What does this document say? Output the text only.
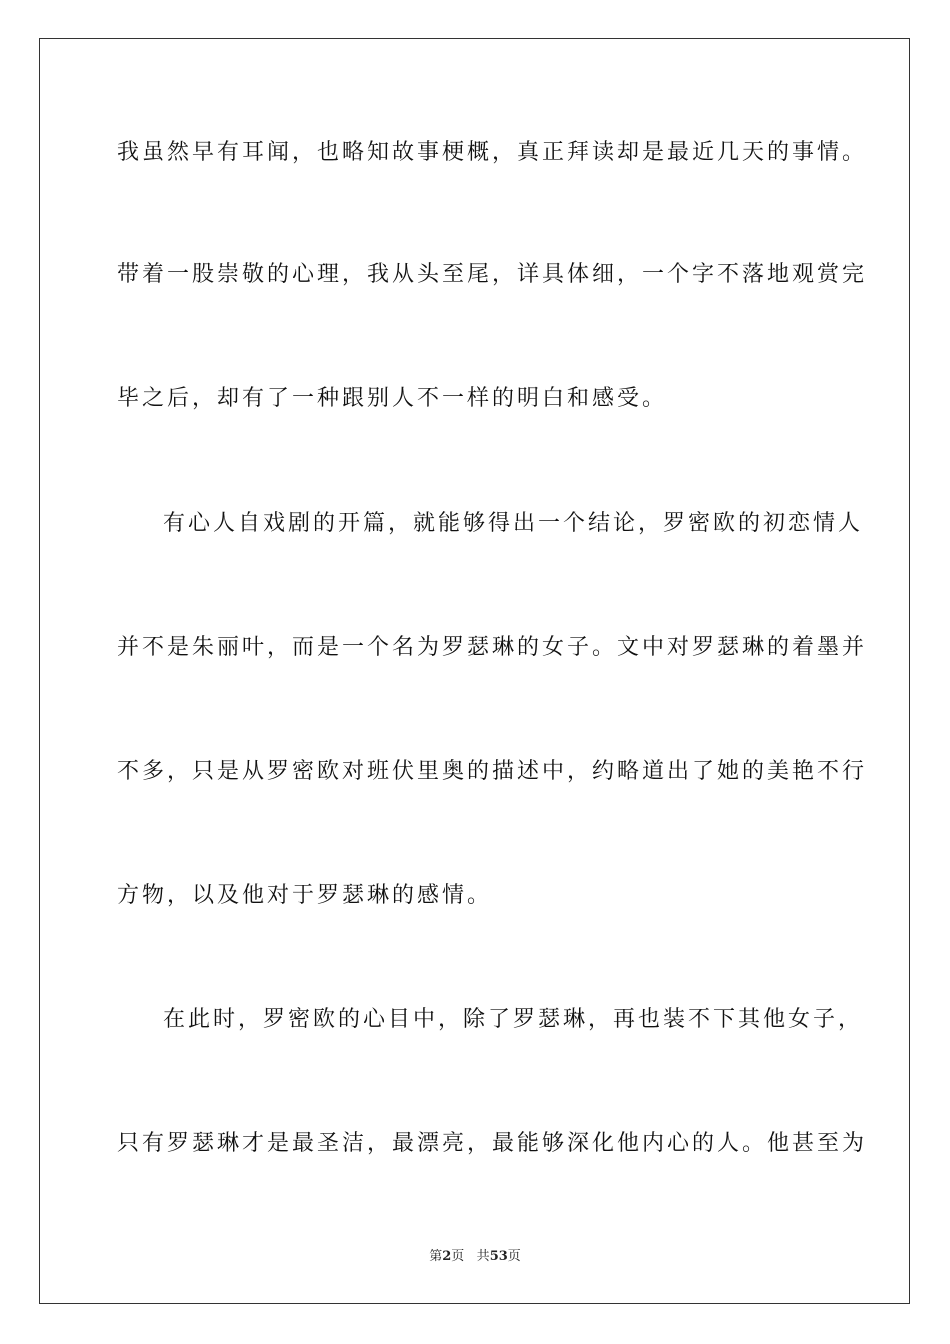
我虽然早有耳闻，也略知故事梗概，真正拜读却是最近几天的事情。
带着一股崇敬的心理，我从头至尾，详具体细，一个字不落地观赏完
毕之后，却有了一种跟别人不一样的明白和感受。
有心人自戏剧的开篇，就能够得出一个结论，罗密欧的初恋情人
并不是朱丽叶，而是一个名为罗瑟琳的女子。文中对罗瑟琳的着墨并
不多，只是从罗密欧对班伏里奥的描述中，约略道出了她的美艳不行
方物，以及他对于罗瑟琳的感情。
在此时，罗密欧的心目中，除了罗瑟琳，再也装不下其他女子，
只有罗瑟琳才是最圣洁，最漂亮，最能够深化他内心的人。他甚至为
第2页 共53页
